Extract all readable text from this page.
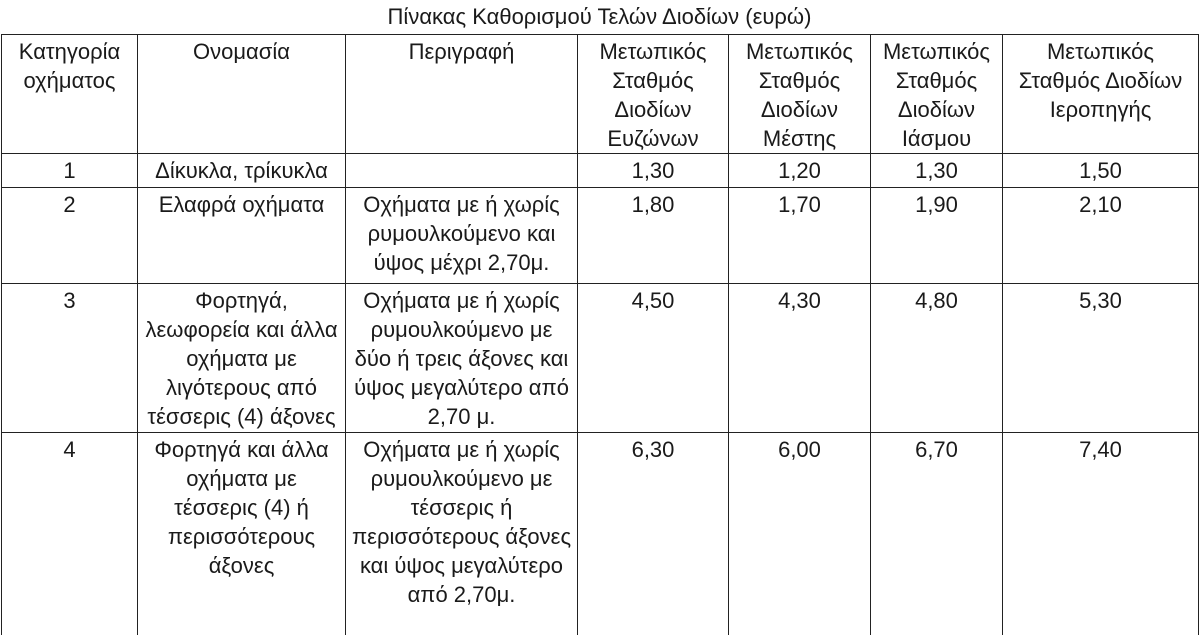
Πίνακας Καθορισμού Τελών Διοδίων (ευρώ)
Κατηγορία οχήματος	Ονομασία	Περιγραφή	Μετωπικός Σταθμός Διοδίων Ευζώνων	Μετωπικός Σταθμός Διοδίων Μέστης	Μετωπικός Σταθμός Διοδίων Ιάσμου	Μετωπικός Σταθμός Διοδίων Ιεροπηγής
1	Δίκυκλα, τρίκυκλα		1,30	1,20	1,30	1,50
2	Ελαφρά οχήματα	Οχήματα με ή χωρίς ρυμουλκούμενο και ύψος μέχρι 2,70μ.	1,80	1,70	1,90	2,10
3	Φορτηγά, λεωφορεία και άλλα οχήματα με λιγότερους από τέσσερις (4) άξονες	Οχήματα με ή χωρίς ρυμουλκούμενο με δύο ή τρεις άξονες και ύψος μεγαλύτερο από 2,70 μ.	4,50	4,30	4,80	5,30
4	Φορτηγά και άλλα οχήματα με τέσσερις (4) ή περισσότερους άξονες	Οχήματα με ή χωρίς ρυμουλκούμενο με τέσσερις ή περισσότερους άξονες και ύψος μεγαλύτερο από 2,70μ.	6,30	6,00	6,70	7,40
